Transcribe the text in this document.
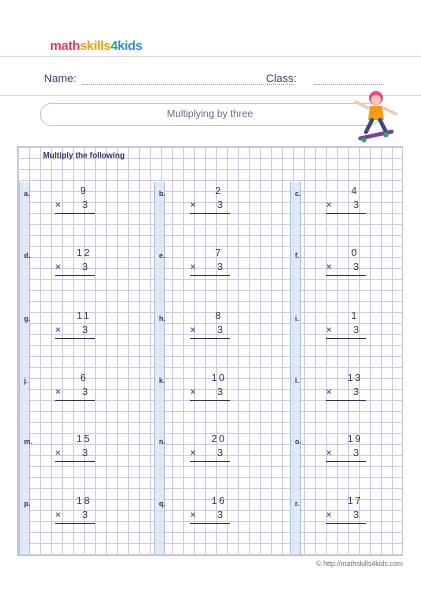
mathskills4kids
Name:	Class:
Multiplying by three
Multiply the following
a.	9
×	3
b.	2
×	3
c.	4
×	3
d.	12
×	3
e.	7
×	3
f.	0
×	3
g.	11
×	3
h.	8
×	3
i.	1
×	3
j.	6
×	3
k.	10
×	3
l.	13
×	3
m.	15
×	3
n.	20
×	3
o.	19
×	3
p.	18
×	3
q.	16
×	3
r.	17
×	3
© http://mathskills4kids.com
